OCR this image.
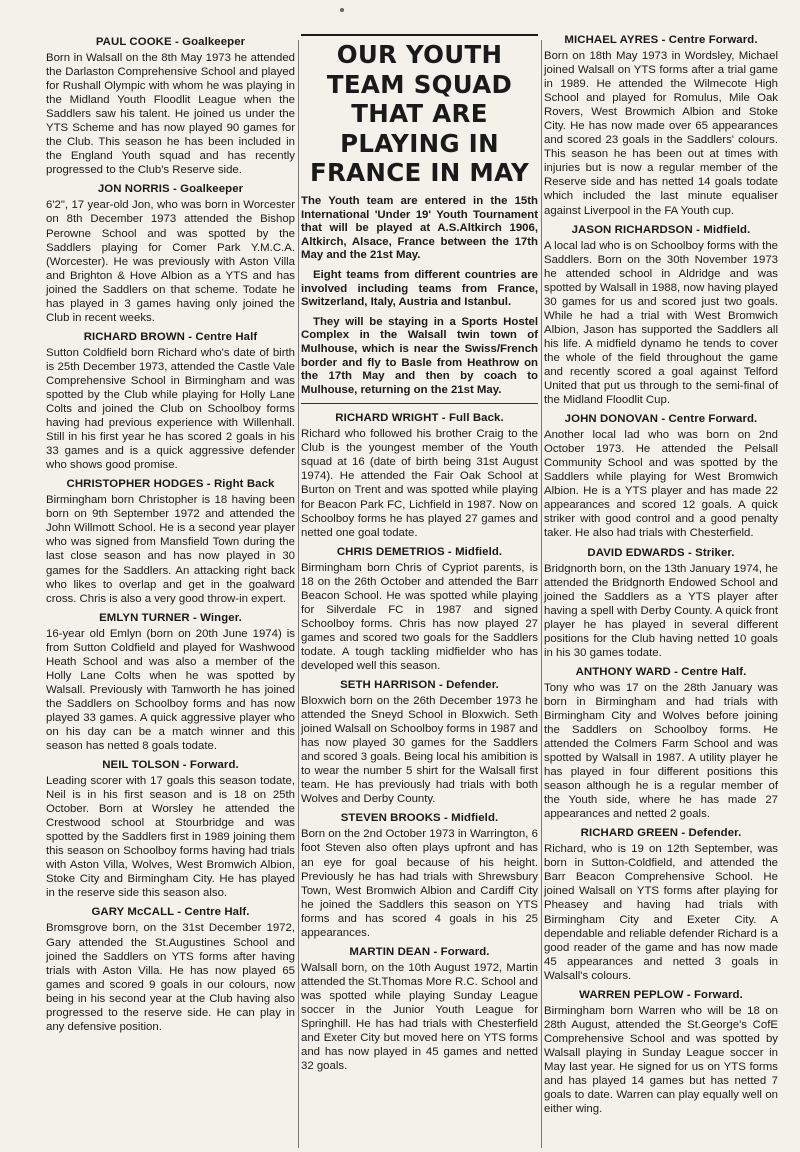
PAUL COOKE - Goalkeeper
Born in Walsall on the 8th May 1973 he attended the Darlaston Comprehensive School and played for Rushall Olympic with whom he was playing in the Midland Youth Floodlit League when the Saddlers saw his talent. He joined us under the YTS Scheme and has now played 90 games for the Club. This season he has been included in the England Youth squad and has recently progressed to the Club's Reserve side.
JON NORRIS - Goalkeeper
6'2", 17 year-old Jon, who was born in Worcester on 8th December 1973 attended the Bishop Perowne School and was spotted by the Saddlers playing for Comer Park Y.M.C.A. (Worcester). He was previously with Aston Villa and Brighton & Hove Albion as a YTS and has joined the Saddlers on that scheme. Todate he has played in 3 games having only joined the Club in recent weeks.
RICHARD BROWN - Centre Half
Sutton Coldfield born Richard who's date of birth is 25th December 1973, attended the Castle Vale Comprehensive School in Birmingham and was spotted by the Club while playing for Holly Lane Colts and joined the Club on Schoolboy forms having had previous experience with Willenhall. Still in his first year he has scored 2 goals in his 33 games and is a quick aggressive defender who shows good promise.
CHRISTOPHER HODGES - Right Back
Birmingham born Christopher is 18 having been born on 9th September 1972 and attended the John Willmott School. He is a second year player who was signed from Mansfield Town during the last close season and has now played in 30 games for the Saddlers. An attacking right back who likes to overlap and get in the goalward cross. Chris is also a very good throw-in expert.
EMLYN TURNER - Winger.
16-year old Emlyn (born on 20th June 1974) is from Sutton Coldfield and played for Washwood Heath School and was also a member of the Holly Lane Colts when he was spotted by Walsall. Previously with Tamworth he has joined the Saddlers on Schoolboy forms and has now played 33 games. A quick aggressive player who on his day can be a match winner and this season has netted 8 goals todate.
NEIL TOLSON - Forward.
Leading scorer with 17 goals this season todate, Neil is in his first season and is 18 on 25th October. Born at Worsley he attended the Crestwood school at Stourbridge and was spotted by the Saddlers first in 1989 joining them this season on Schoolboy forms having had trials with Aston Villa, Wolves, West Bromwich Albion, Stoke City and Birmingham City. He has played in the reserve side this season also.
GARY McCALL - Centre Half.
Bromsgrove born, on the 31st December 1972, Gary attended the St.Augustines School and joined the Saddlers on YTS forms after having trials with Aston Villa. He has now played 65 games and scored 9 goals in our colours, now being in his second year at the Club having also progressed to the reserve side. He can play in any defensive position.
OUR YOUTH TEAM SQUAD THAT ARE PLAYING IN FRANCE IN MAY

The Youth team are entered in the 15th International 'Under 19' Youth Tournament that will be played at A.S.Altkirch 1906, Altkirch, Alsace, France between the 17th May and the 21st May.

Eight teams from different countries are involved including teams from France, Switzerland, Italy, Austria and Istanbul.

They will be staying in a Sports Hostel Complex in the Walsall twin town of Mulhouse, which is near the Swiss/French border and fly to Basle from Heathrow on the 17th May and then by coach to Mulhouse, returning on the 21st May.

RICHARD WRIGHT - Full Back.
Richard who followed his brother Craig to the Club is the youngest member of the Youth squad at 16 (date of birth being 31st August 1974). He attended the Fair Oak School at Burton on Trent and was spotted while playing for Beacon Park FC, Lichfield in 1987. Now on Schoolboy forms he has played 27 games and netted one goal todate.
CHRIS DEMETRIOS - Midfield.
Birmingham born Chris of Cypriot parents, is 18 on the 26th October and attended the Barr Beacon School. He was spotted while playing for Silverdale FC in 1987 and signed Schoolboy forms. Chris has now played 27 games and scored two goals for the Saddlers todate. A tough tackling midfielder who has developed well this season.
SETH HARRISON - Defender.
Bloxwich born on the 26th December 1973 he attended the Sneyd School in Bloxwich. Seth joined Walsall on Schoolboy forms in 1987 and has now played 30 games for the Saddlers and scored 3 goals. Being local his amibition is to wear the number 5 shirt for the Walsall first team. He has previously had trials with both Wolves and Derby County.
STEVEN BROOKS - Midfield.
Born on the 2nd October 1973 in Warrington, 6 foot Steven also often plays upfront and has an eye for goal because of his height. Previously he has had trials with Shrewsbury Town, West Bromwich Albion and Cardiff City he joined the Saddlers this season on YTS forms and has scored 4 goals in his 25 appearances.
MARTIN DEAN - Forward.
Walsall born, on the 10th August 1972, Martin attended the St.Thomas More R.C. School and was spotted while playing Sunday League soccer in the Junior Youth League for Springhill. He has had trials with Chesterfield and Exeter City but moved here on YTS forms and has now played in 45 games and netted 32 goals.
MICHAEL AYRES - Centre Forward.
Born on 18th May 1973 in Wordsley, Michael joined Walsall on YTS forms after a trial game in 1989. He attended the Wilmecote High School and played for Romulus, Mile Oak Rovers, West Browmich Albion and Stoke City. He has now made over 65 appearances and scored 23 goals in the Saddlers' colours. This season he has been out at times with injuries but is now a regular member of the Reserve side and has netted 14 goals todate which included the last minute equaliser against Liverpool in the FA Youth cup.
JASON RICHARDSON - Midfield.
A local lad who is on Schoolboy forms with the Saddlers. Born on the 30th November 1973 he attended school in Aldridge and was spotted by Walsall in 1988, now having played 30 games for us and scored just two goals. While he had a trial with West Bromwich Albion, Jason has supported the Saddlers all his life. A midfield dynamo he tends to cover the whole of the field throughout the game and recently scored a goal against Telford United that put us through to the semi-final of the Midland Floodlit Cup.
JOHN DONOVAN - Centre Forward.
Another local lad who was born on 2nd October 1973. He attended the Pelsall Community School and was spotted by the Saddlers while playing for West Bromwich Albion. He is a YTS player and has made 22 appearances and scored 12 goals. A quick striker with good control and a good penalty taker. He also had trials with Chesterfield.
DAVID EDWARDS - Striker.
Bridgnorth born, on the 13th January 1974, he attended the Bridgnorth Endowed School and joined the Saddlers as a YTS player after having a spell with Derby County. A quick front player he has played in several different positions for the Club having netted 10 goals in his 30 games todate.
ANTHONY WARD - Centre Half.
Tony who was 17 on the 28th January was born in Birmingham and had trials with Birmingham City and Wolves before joining the Saddlers on Schoolboy forms. He attended the Colmers Farm School and was spotted by Walsall in 1987. A utility player he has played in four different positions this season although he is a regular member of the Youth side, where he has made 27 appearances and netted 2 goals.
RICHARD GREEN - Defender.
Richard, who is 19 on 12th September, was born in Sutton-Coldfield, and attended the Barr Beacon Comprehensive School. He joined Walsall on YTS forms after playing for Pheasey and having had trials with Birmingham City and Exeter City. A dependable and reliable defender Richard is a good reader of the game and has now made 45 appearances and netted 3 goals in Walsall's colours.
WARREN PEPLOW - Forward.
Birmingham born Warren who will be 18 on 28th August, attended the St.George's CofE Comprehensive School and was spotted by Walsall playing in Sunday League soccer in May last year. He signed for us on YTS forms and has played 14 games but has netted 7 goals to date. Warren can play equally well on either wing.
